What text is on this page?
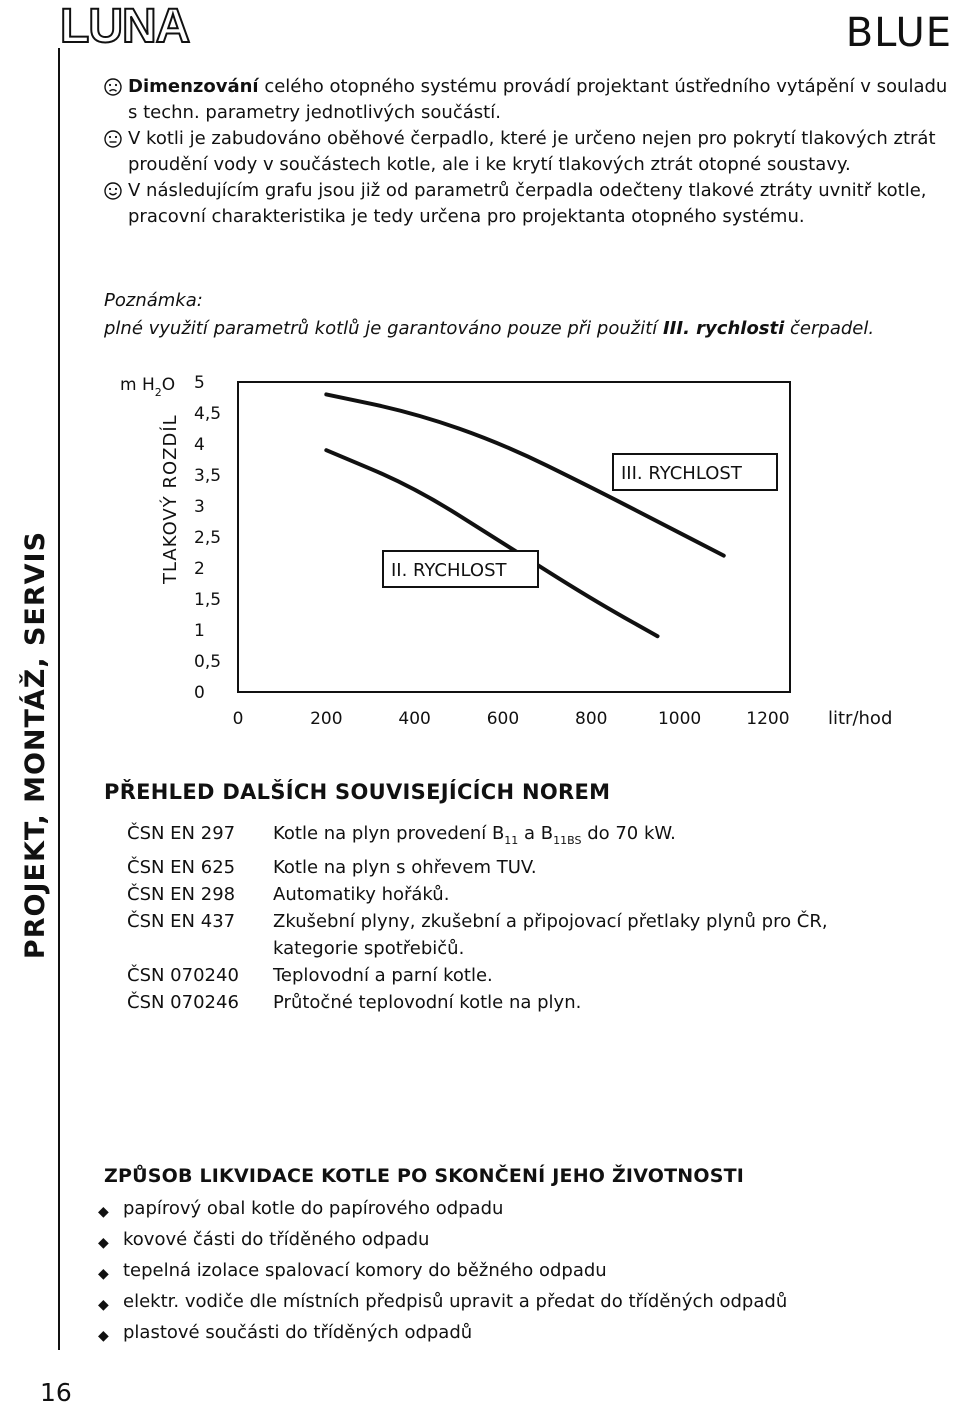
LUNA	BLUE
PROJEKT, MONTÁŽ, SERVIS
16

Dimenzování celého otopného systému provádí projektant ústředního vytápění v souladu s techn. parametry jednotlivých součástí.

V kotli je zabudováno oběhové čerpadlo, které je určeno nejen pro pokrytí tlakových ztrát proudění vody v součástech kotle, ale i ke krytí tlakových ztrát otopné soustavy.

V následujícím grafu jsou již od parametrů čerpadla odečteny tlakové ztráty uvnitř kotle, pracovní charakteristika je tedy určena pro projektanta otopného systému.

Poznámka:
plné využití parametrů kotlů je garantováno pouze při použití III. rychlosti čerpadel.
m $H_2O$
TLAKOVÝ ROZDÍL
0
0,5
1
1,5
2
2,5
3
3,5
4
4,5
5
0	200	400	600	800	1000	1200
III. RYCHLOST
II. RYCHLOST
litr/hod
PŘEHLED DALŠÍCH SOUVISEJÍCÍCH NOREM
ČSN EN 297	Kotle na plyn provedení $B_{11}$ a $B_{11BS}$ do 70 kW.
ČSN EN 625	Kotle na plyn s ohřevem TUV.
ČSN EN 298	Automatiky hořáků.
ČSN EN 437	Zkušební plyny, zkušební a připojovací přetlaky plynů pro ČR, kategorie spotřebičů.
ČSN 070240	Teplovodní a parní kotle.
ČSN 070246	Průtočné teplovodní kotle na plyn.
ZPŮSOB LIKVIDACE KOTLE PO SKONČENÍ JEHO ŽIVOTNOSTI
◆ papírový obal kotle do papírového odpadu
◆ kovové části do tříděného odpadu
◆ tepelná izolace spalovací komory do běžného odpadu
◆ elektr. vodiče dle místních předpisů upravit a předat do tříděných odpadů
◆ plastové součásti do tříděných odpadů
